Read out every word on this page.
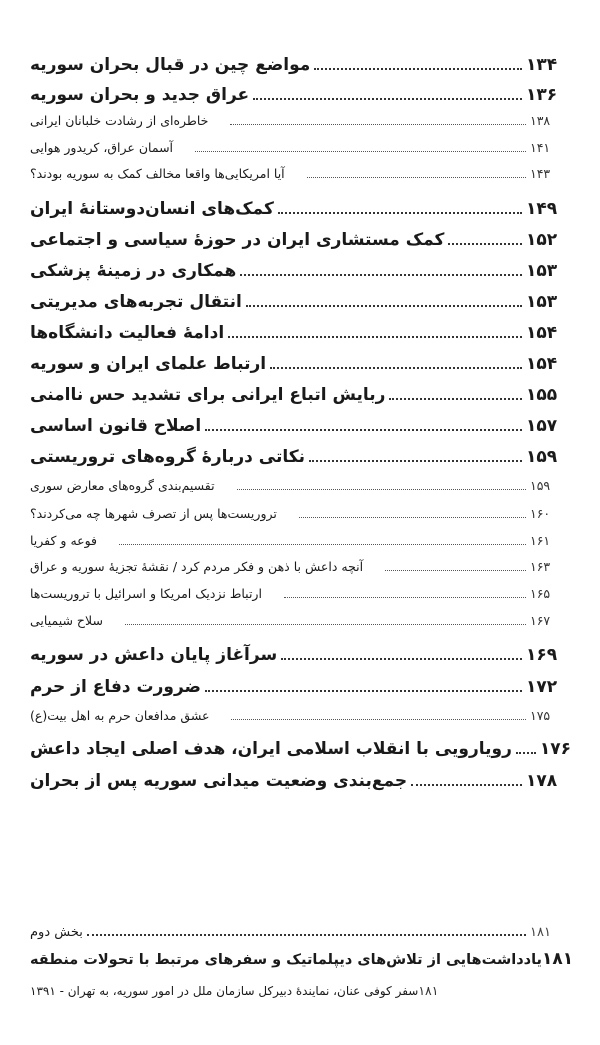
مواضع چین در قبال بحران سوریه	۱۳۴
عراق جدید و بحران سوریه	۱۳۶
خاطره‌ای از رشادت خلبانان ایرانی	۱۳۸
آسمان عراق، کریدور هوایی	۱۴۱
آیا امریکایی‌ها واقعا مخالف کمک به سوریه بودند؟	۱۴۳
کمک‌های انسان‌دوستانهٔ ایران	۱۴۹
کمک مستشاری ایران در حوزهٔ سیاسی و اجتماعی	۱۵۲
همکاری در زمینهٔ پزشکی	۱۵۳
انتقال تجربه‌های مدیریتی	۱۵۳
ادامهٔ فعالیت دانشگاه‌ها	۱۵۴
ارتباط علمای ایران و سوریه	۱۵۴
ربایش اتباع ایرانی برای تشدید حس ناامنی	۱۵۵
اصلاح قانون اساسی	۱۵۷
نکاتی دربارهٔ گروه‌های تروریستی	۱۵۹
تقسیم‌بندی گروه‌های معارض سوری	۱۵۹
تروریست‌ها پس از تصرف شهرها چه می‌کردند؟	۱۶۰
فوعه و کفریا	۱۶۱
آنچه داعش با ذهن و فکر مردم کرد / نقشهٔ تجزیهٔ سوریه و عراق	۱۶۳
ارتباط نزدیک امریکا و اسرائیل با تروریست‌ها	۱۶۵
سلاح شیمیایی	۱۶۷
سرآغاز پایان داعش در سوریه	۱۶۹
ضرورت دفاع از حرم	۱۷۲
عشق مدافعان حرم به اهل بیت(ع)	۱۷۵
رویارویی با انقلاب اسلامی ایران، هدف اصلی ایجاد داعش ۱۷۶
جمع‌بندی وضعیت میدانی سوریه پس از بحران	۱۷۸
بخش دوم	۱۸۱
یادداشت‌هایی از تلاش‌های دیپلماتیک و سفرهای مرتبط با تحولات منطقه ۱۸۱
سفر کوفی عنان، نمایندهٔ دبیرکل سازمان ملل در امور سوریه، به تهران - ۱۳۹۱ ۱۸۱
